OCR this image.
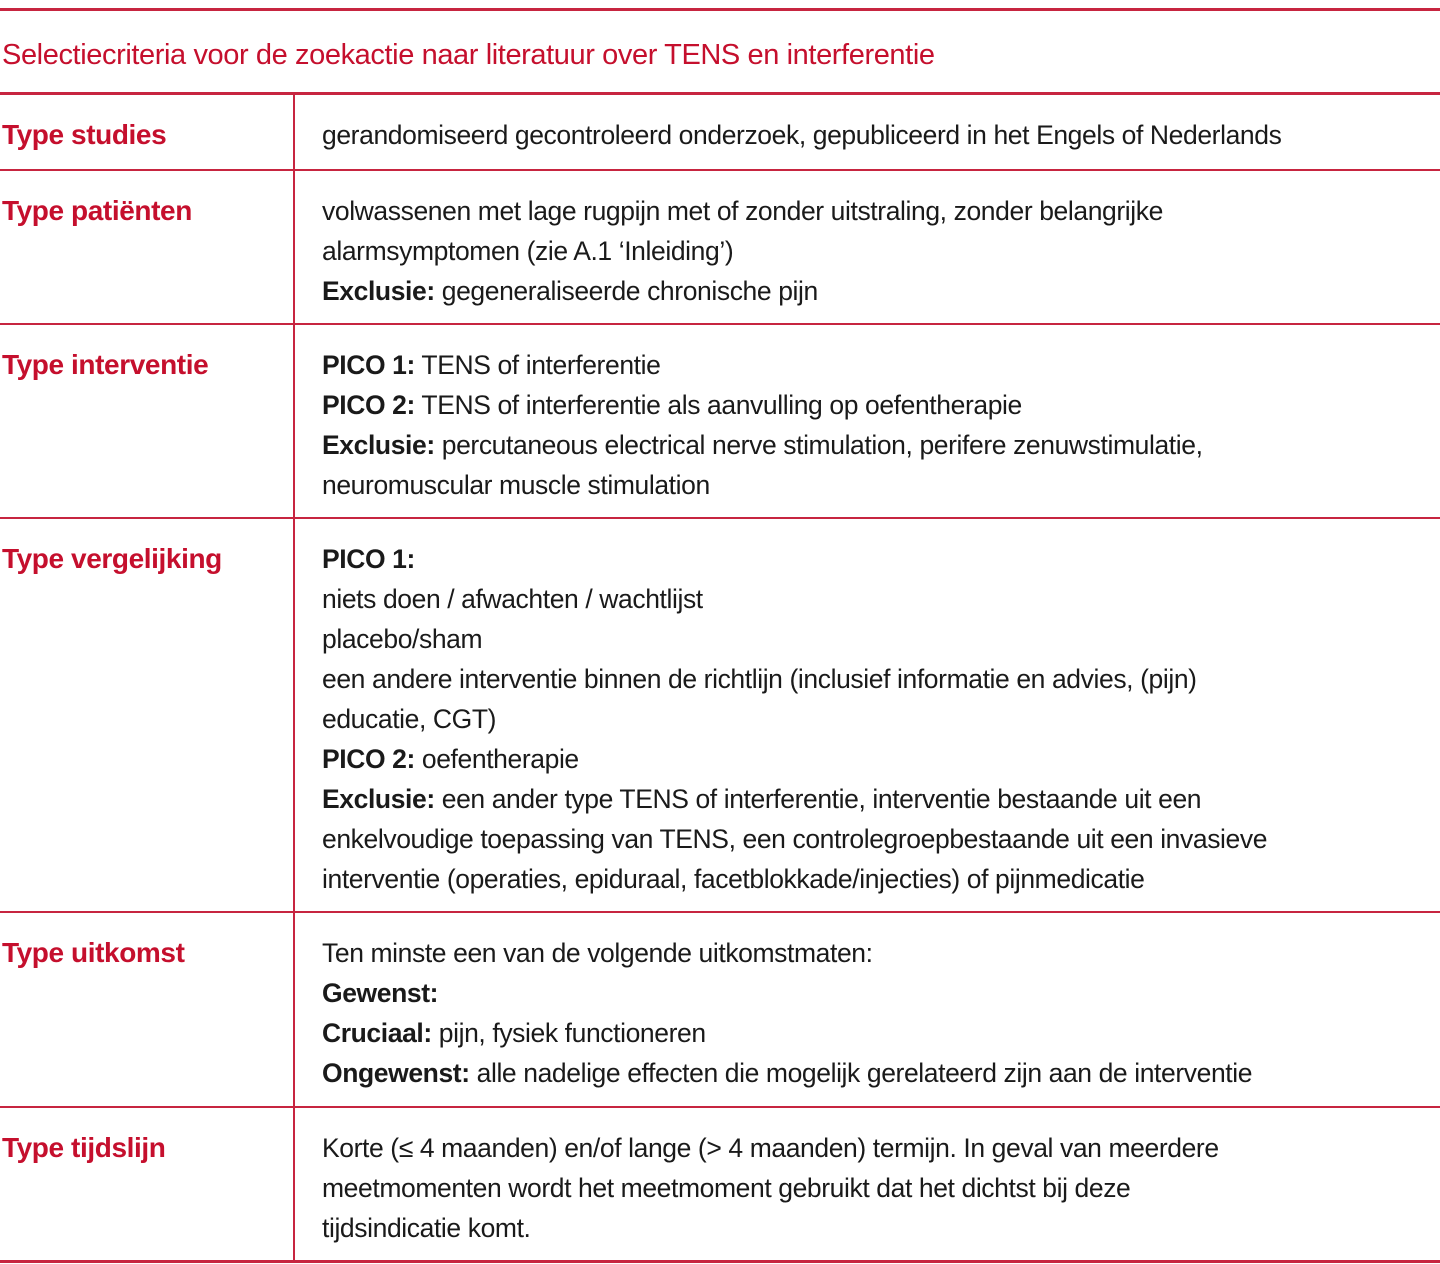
Selectiecriteria voor de zoekactie naar literatuur over TENS en interferentie
Type studies	gerandomiseerd gecontroleerd onderzoek, gepubliceerd in het Engels of Nederlands

Type patiënten	volwassenen met lage rugpijn met of zonder uitstraling, zonder belangrijke
alarmsymptomen (zie A.1 ‘Inleiding’)
Exclusie: gegeneraliseerde chronische pijn

Type interventie	PICO 1: TENS of interferentie
PICO 2: TENS of interferentie als aanvulling op oefentherapie
Exclusie: percutaneous electrical nerve stimulation, perifere zenuwstimulatie,
neuromuscular muscle stimulation

Type vergelijking	PICO 1:
niets doen / afwachten / wachtlijst
placebo/sham
een andere interventie binnen de richtlijn (inclusief informatie en advies, (pijn)
educatie, CGT)
PICO 2: oefentherapie
Exclusie: een ander type TENS of interferentie, interventie bestaande uit een
enkelvoudige toepassing van TENS, een controlegroepbestaande uit een invasieve
interventie (operaties, epiduraal, facetblokkade/injecties) of pijnmedicatie

Type uitkomst	Ten minste een van de volgende uitkomstmaten:
Gewenst:
Cruciaal: pijn, fysiek functioneren
Ongewenst: alle nadelige effecten die mogelijk gerelateerd zijn aan de interventie

Type tijdslijn	Korte (≤ 4 maanden) en/of lange (> 4 maanden) termijn. In geval van meerdere
meetmomenten wordt het meetmoment gebruikt dat het dichtst bij deze
tijdsindicatie komt.
